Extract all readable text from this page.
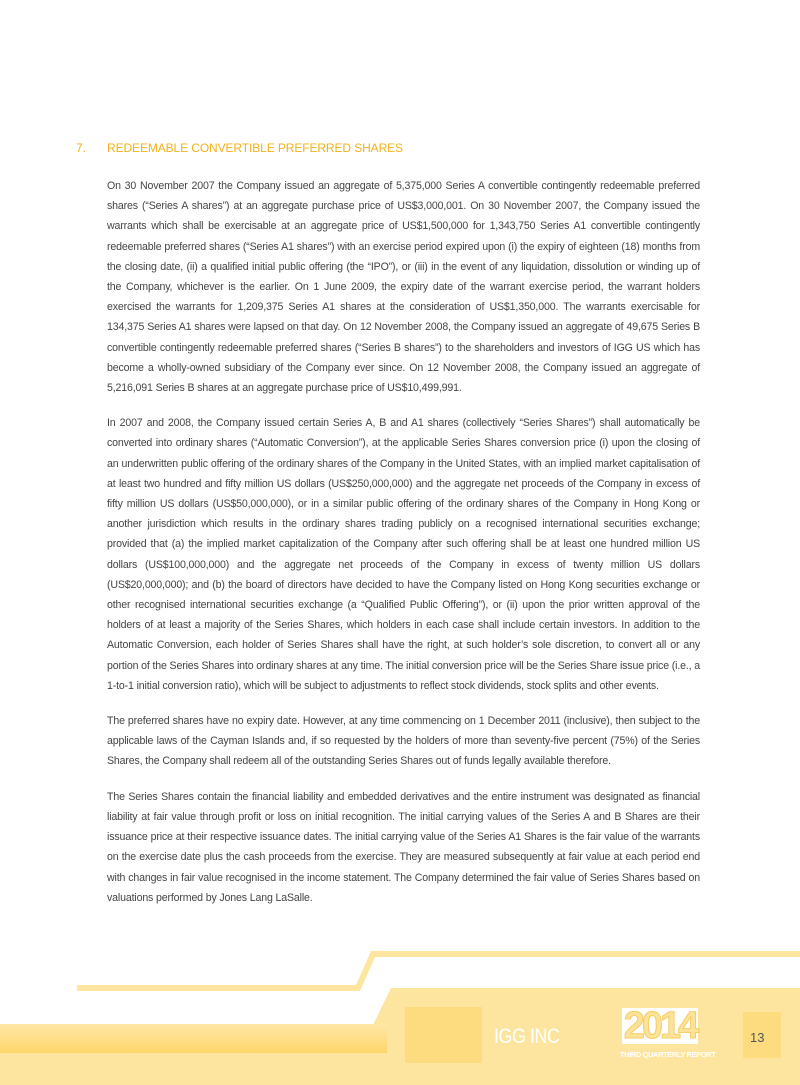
7. REDEEMABLE CONVERTIBLE PREFERRED SHARES

On 30 November 2007 the Company issued an aggregate of 5,375,000 Series A convertible contingently redeemable preferred shares (“Series A shares”) at an aggregate purchase price of US$3,000,001. On 30 November 2007, the Company issued the warrants which shall be exercisable at an aggregate price of US$1,500,000 for 1,343,750 Series A1 convertible contingently redeemable preferred shares (“Series A1 shares”) with an exercise period expired upon (i) the expiry of eighteen (18) months from the closing date, (ii) a qualified initial public offering (the “IPO”), or (iii) in the event of any liquidation, dissolution or winding up of the Company, whichever is the earlier. On 1 June 2009, the expiry date of the warrant exercise period, the warrant holders exercised the warrants for 1,209,375 Series A1 shares at the consideration of US$1,350,000. The warrants exercisable for 134,375 Series A1 shares were lapsed on that day. On 12 November 2008, the Company issued an aggregate of 49,675 Series B convertible contingently redeemable preferred shares (“Series B shares”) to the shareholders and investors of IGG US which has become a wholly-owned subsidiary of the Company ever since. On 12 November 2008, the Company issued an aggregate of 5,216,091 Series B shares at an aggregate purchase price of US$10,499,991.

In 2007 and 2008, the Company issued certain Series A, B and A1 shares (collectively “Series Shares”) shall automatically be converted into ordinary shares (“Automatic Conversion”), at the applicable Series Shares conversion price (i) upon the closing of an underwritten public offering of the ordinary shares of the Company in the United States, with an implied market capitalisation of at least two hundred and fifty million US dollars (US$250,000,000) and the aggregate net proceeds of the Company in excess of fifty million US dollars (US$50,000,000), or in a similar public offering of the ordinary shares of the Company in Hong Kong or another jurisdiction which results in the ordinary shares trading publicly on a recognised international securities exchange; provided that (a) the implied market capitalization of the Company after such offering shall be at least one hundred million US dollars (US$100,000,000) and the aggregate net proceeds of the Company in excess of twenty million US dollars (US$20,000,000); and (b) the board of directors have decided to have the Company listed on Hong Kong securities exchange or other recognised international securities exchange (a “Qualified Public Offering”), or (ii) upon the prior written approval of the holders of at least a majority of the Series Shares, which holders in each case shall include certain investors. In addition to the Automatic Conversion, each holder of Series Shares shall have the right, at such holder’s sole discretion, to convert all or any portion of the Series Shares into ordinary shares at any time. The initial conversion price will be the Series Share issue price (i.e., a 1-to-1 initial conversion ratio), which will be subject to adjustments to reflect stock dividends, stock splits and other events.

The preferred shares have no expiry date. However, at any time commencing on 1 December 2011 (inclusive), then subject to the applicable laws of the Cayman Islands and, if so requested by the holders of more than seventy-five percent (75%) of the Series Shares, the Company shall redeem all of the outstanding Series Shares out of funds legally available therefore.

The Series Shares contain the financial liability and embedded derivatives and the entire instrument was designated as financial liability at fair value through profit or loss on initial recognition. The initial carrying values of the Series A and B Shares are their issuance price at their respective issuance dates. The initial carrying value of the Series A1 Shares is the fair value of the warrants on the exercise date plus the cash proceeds from the exercise. They are measured subsequently at fair value at each period end with changes in fair value recognised in the income statement. The Company determined the fair value of Series Shares based on valuations performed by Jones Lang LaSalle.

IGG INC 2014
THIRD QUARTERLY REPORT
13
